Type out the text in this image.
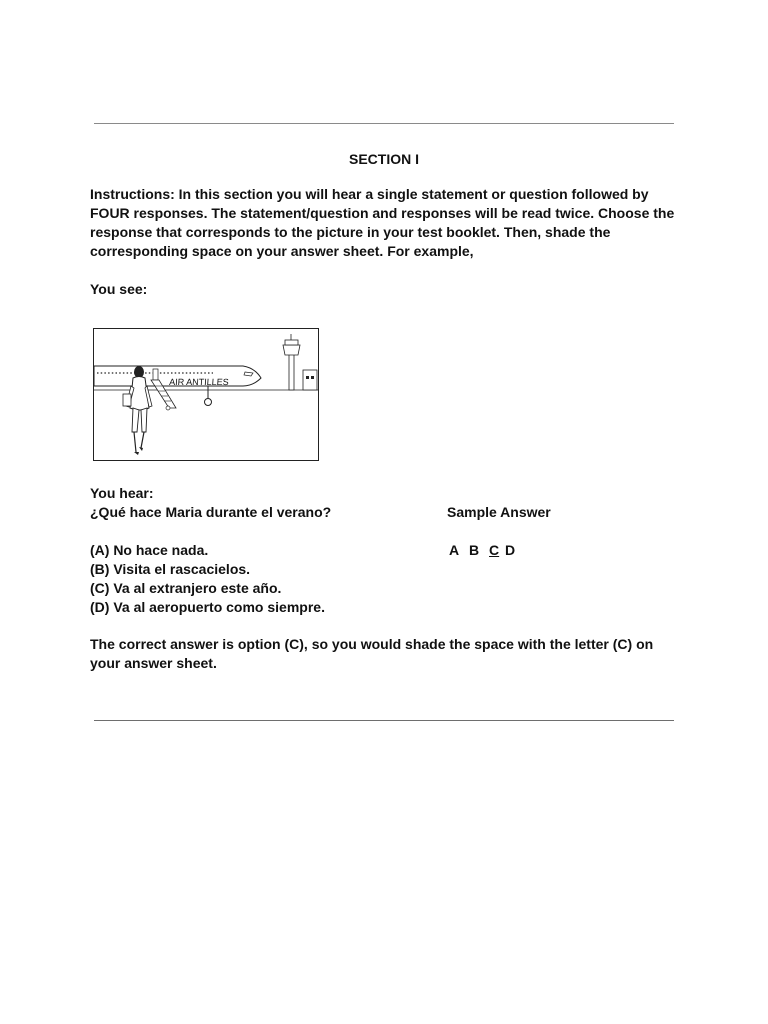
SECTION I
Instructions: In this section you will hear a single statement or question followed by
FOUR responses. The statement/question and responses will be read twice. Choose the
response that corresponds to the picture in your test booklet. Then, shade the
corresponding space on your answer sheet. For example,
You see:
AIR ANTILLES
You hear:
¿Qué hace Maria durante el verano?	Sample Answer
(A) No hace nada.
(B) Visita el rascacielos.
(C) Va al extranjero este año.
(D) Va al aeropuerto como siempre.
A B C D
The correct answer is option (C), so you would shade the space with the letter (C) on
your answer sheet.
